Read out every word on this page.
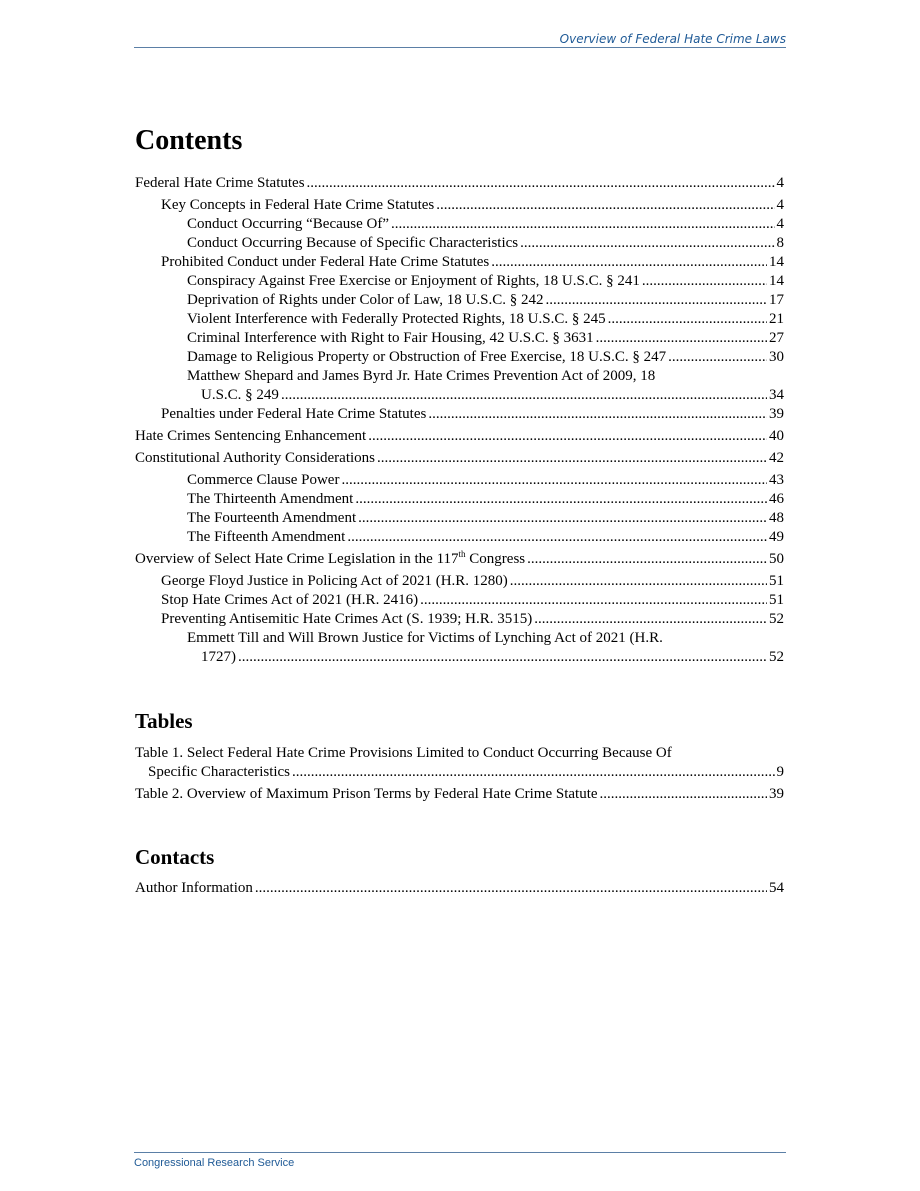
Overview of Federal Hate Crime Laws
Contents
Federal Hate Crime Statutes .....	4
Key Concepts in Federal Hate Crime Statutes .....	4
Conduct Occurring “Because Of” .....	4
Conduct Occurring Because of Specific Characteristics .....	8
Prohibited Conduct under Federal Hate Crime Statutes .....	14
Conspiracy Against Free Exercise or Enjoyment of Rights, 18 U.S.C. § 241 .....	14
Deprivation of Rights under Color of Law, 18 U.S.C. § 242 .....	17
Violent Interference with Federally Protected Rights, 18 U.S.C. § 245 .....	21
Criminal Interference with Right to Fair Housing, 42 U.S.C. § 3631 .....	27
Damage to Religious Property or Obstruction of Free Exercise, 18 U.S.C. § 247 .....	30
Matthew Shepard and James Byrd Jr. Hate Crimes Prevention Act of 2009, 18
U.S.C. § 249 .....	34
Penalties under Federal Hate Crime Statutes .....	39
Hate Crimes Sentencing Enhancement .....	40
Constitutional Authority Considerations .....	42
Commerce Clause Power .....	43
The Thirteenth Amendment .....	46
The Fourteenth Amendment .....	48
The Fifteenth Amendment .....	49
Overview of Select Hate Crime Legislation in the 117th Congress .....	50
George Floyd Justice in Policing Act of 2021 (H.R. 1280) .....	51
Stop Hate Crimes Act of 2021 (H.R. 2416) .....	51
Preventing Antisemitic Hate Crimes Act (S. 1939; H.R. 3515) .....	52
Emmett Till and Will Brown Justice for Victims of Lynching Act of 2021 (H.R.
1727) .....	52
Tables
Table 1. Select Federal Hate Crime Provisions Limited to Conduct Occurring Because Of
Specific Characteristics .....	9
Table 2. Overview of Maximum Prison Terms by Federal Hate Crime Statute .....	39
Contacts
Author Information .....	54
Congressional Research Service
